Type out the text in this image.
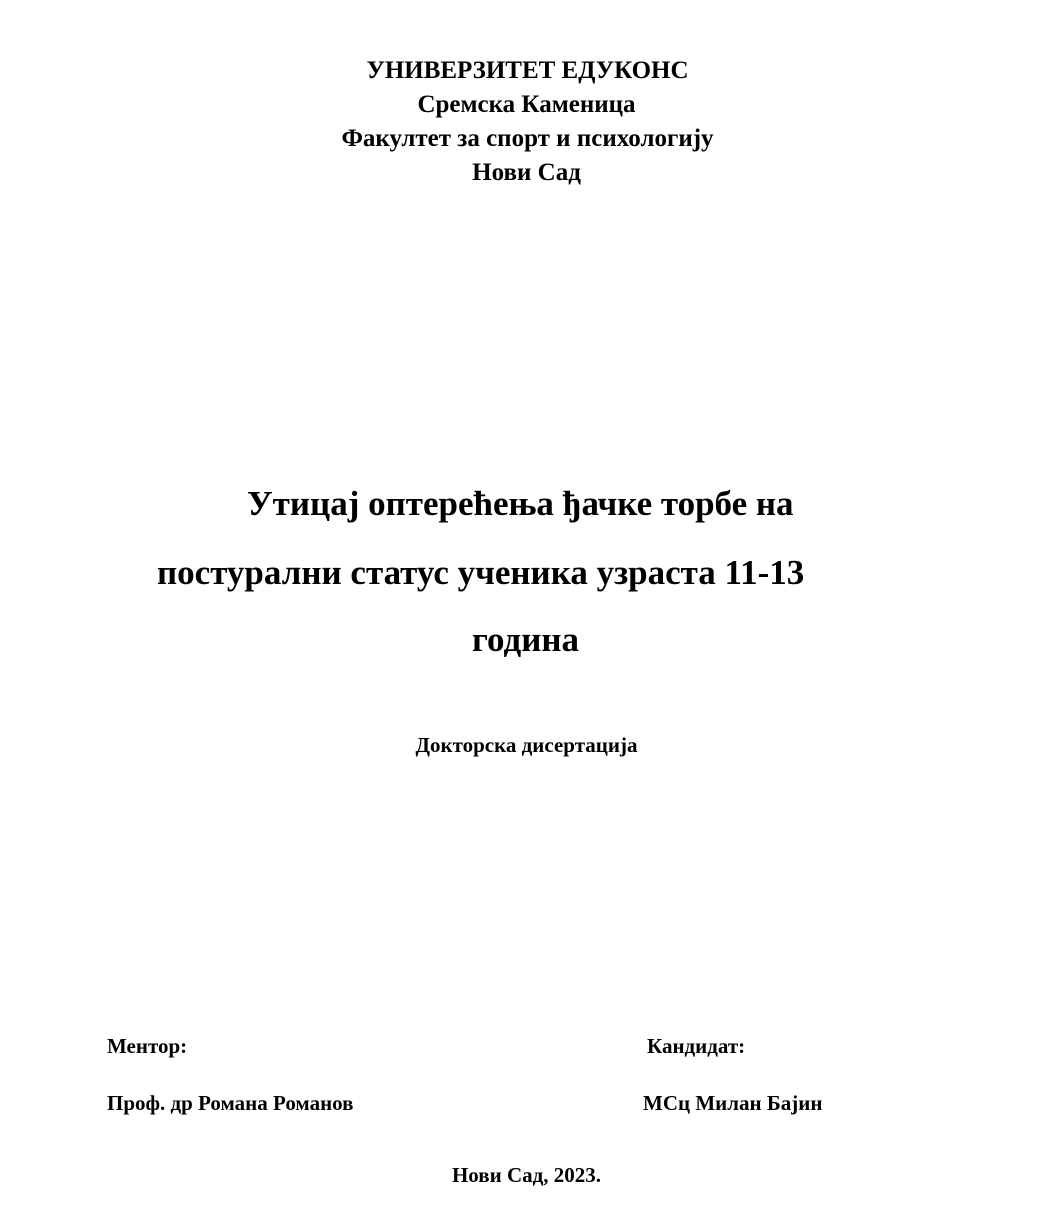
УНИВЕРЗИТЕТ ЕДУКОНС
Сремска Каменица
Факултет за спорт и психологију
Нови Сад
Утицај оптерећења ђачке торбе на
постурални статус ученика узраста 11-13
година
Докторска дисертација
Ментор:	Кандидат:
Проф. др Романа Романов	МСц Милан Бајин
Нови Сад, 2023.
